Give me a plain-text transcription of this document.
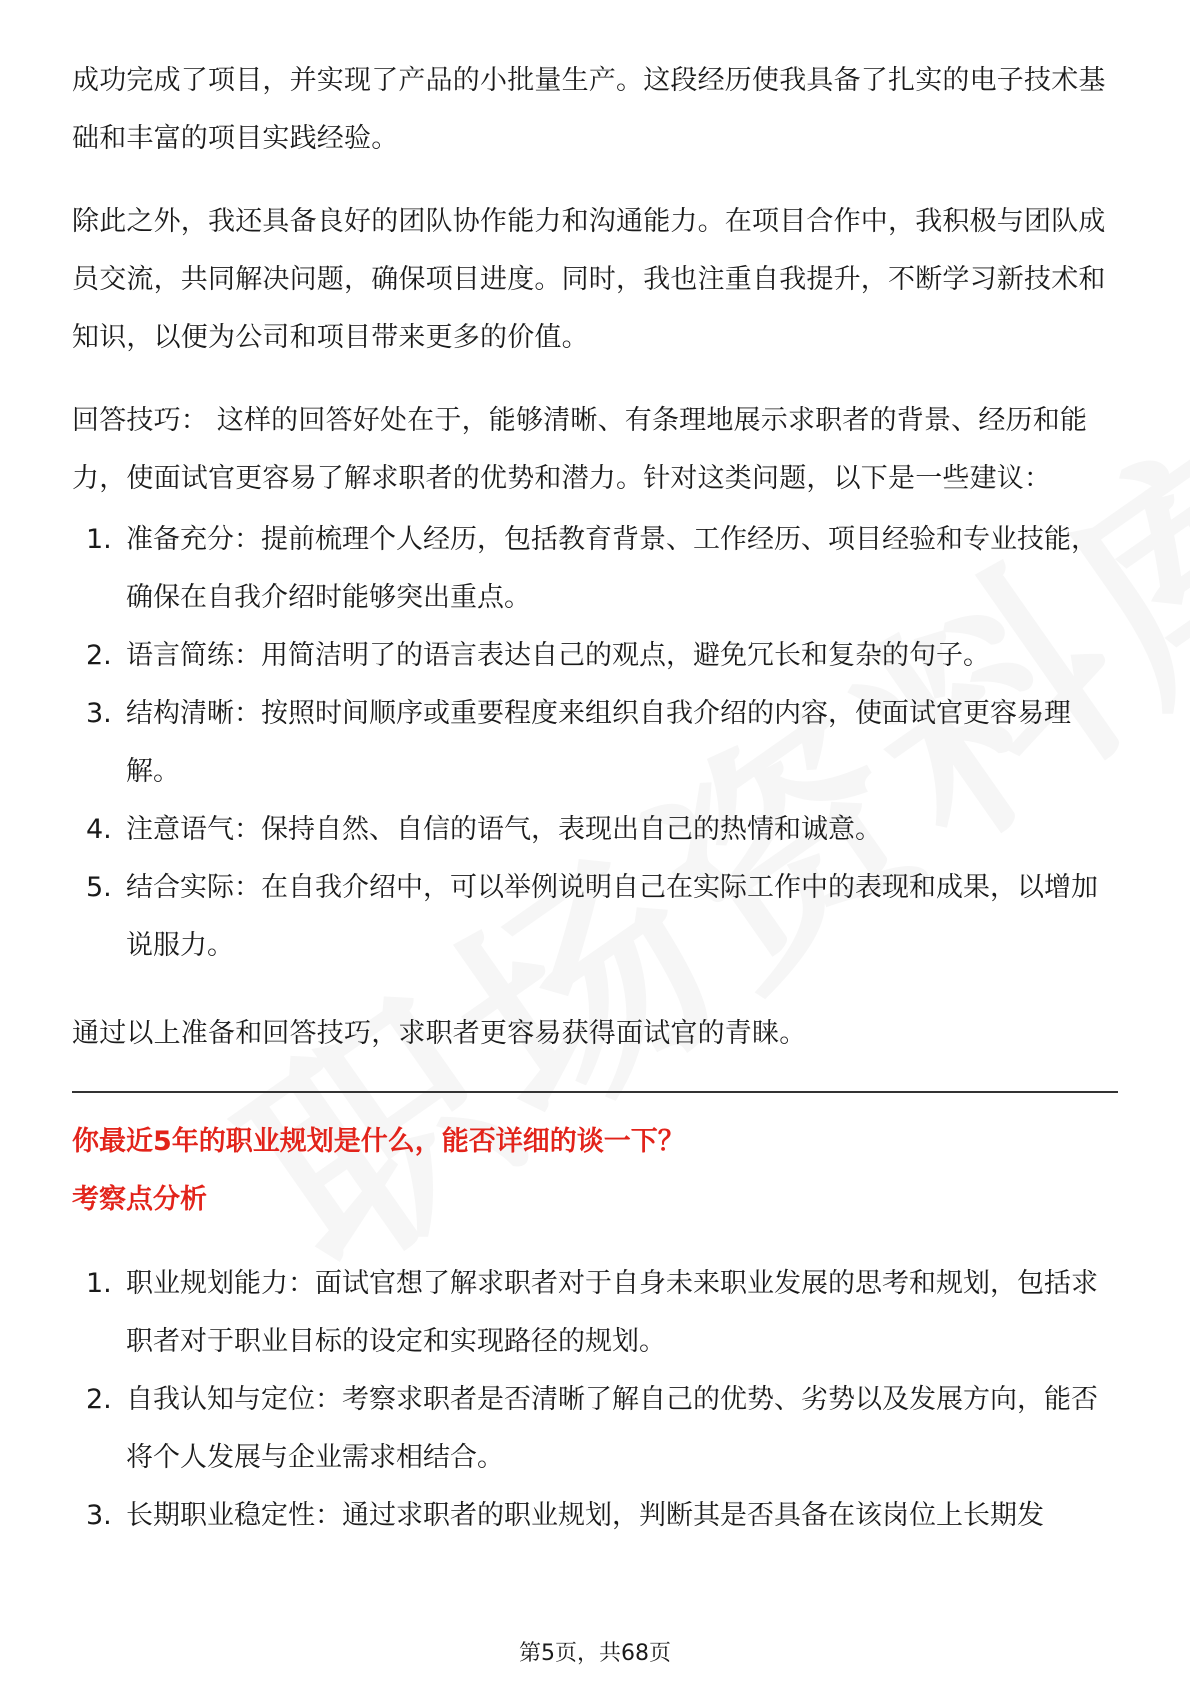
成功完成了项目，并实现了产品的小批量生产。这段经历使我具备了扎实的电子技术基础和丰富的项目实践经验。

除此之外，我还具备良好的团队协作能力和沟通能力。在项目合作中，我积极与团队成员交流，共同解决问题，确保项目进度。同时，我也注重自我提升，不断学习新技术和知识，以便为公司和项目带来更多的价值。

回答技巧： 这样的回答好处在于，能够清晰、有条理地展示求职者的背景、经历和能力，使面试官更容易了解求职者的优势和潜力。针对这类问题，以下是一些建议：

1. 准备充分：提前梳理个人经历，包括教育背景、工作经历、项目经验和专业技能，确保在自我介绍时能够突出重点。
2. 语言简练：用简洁明了的语言表达自己的观点，避免冗长和复杂的句子。
3. 结构清晰：按照时间顺序或重要程度来组织自我介绍的内容，使面试官更容易理解。
4. 注意语气：保持自然、自信的语气，表现出自己的热情和诚意。
5. 结合实际：在自我介绍中，可以举例说明自己在实际工作中的表现和成果，以增加说服力。

通过以上准备和回答技巧，求职者更容易获得面试官的青睐。

你最近5年的职业规划是什么，能否详细的谈一下？
考察点分析
1. 职业规划能力：面试官想了解求职者对于自身未来职业发展的思考和规划，包括求职者对于职业目标的设定和实现路径的规划。
2. 自我认知与定位：考察求职者是否清晰了解自己的优势、劣势以及发展方向，能否将个人发展与企业需求相结合。
3. 长期职业稳定性：通过求职者的职业规划，判断其是否具备在该岗位上长期发
第5页，共68页
